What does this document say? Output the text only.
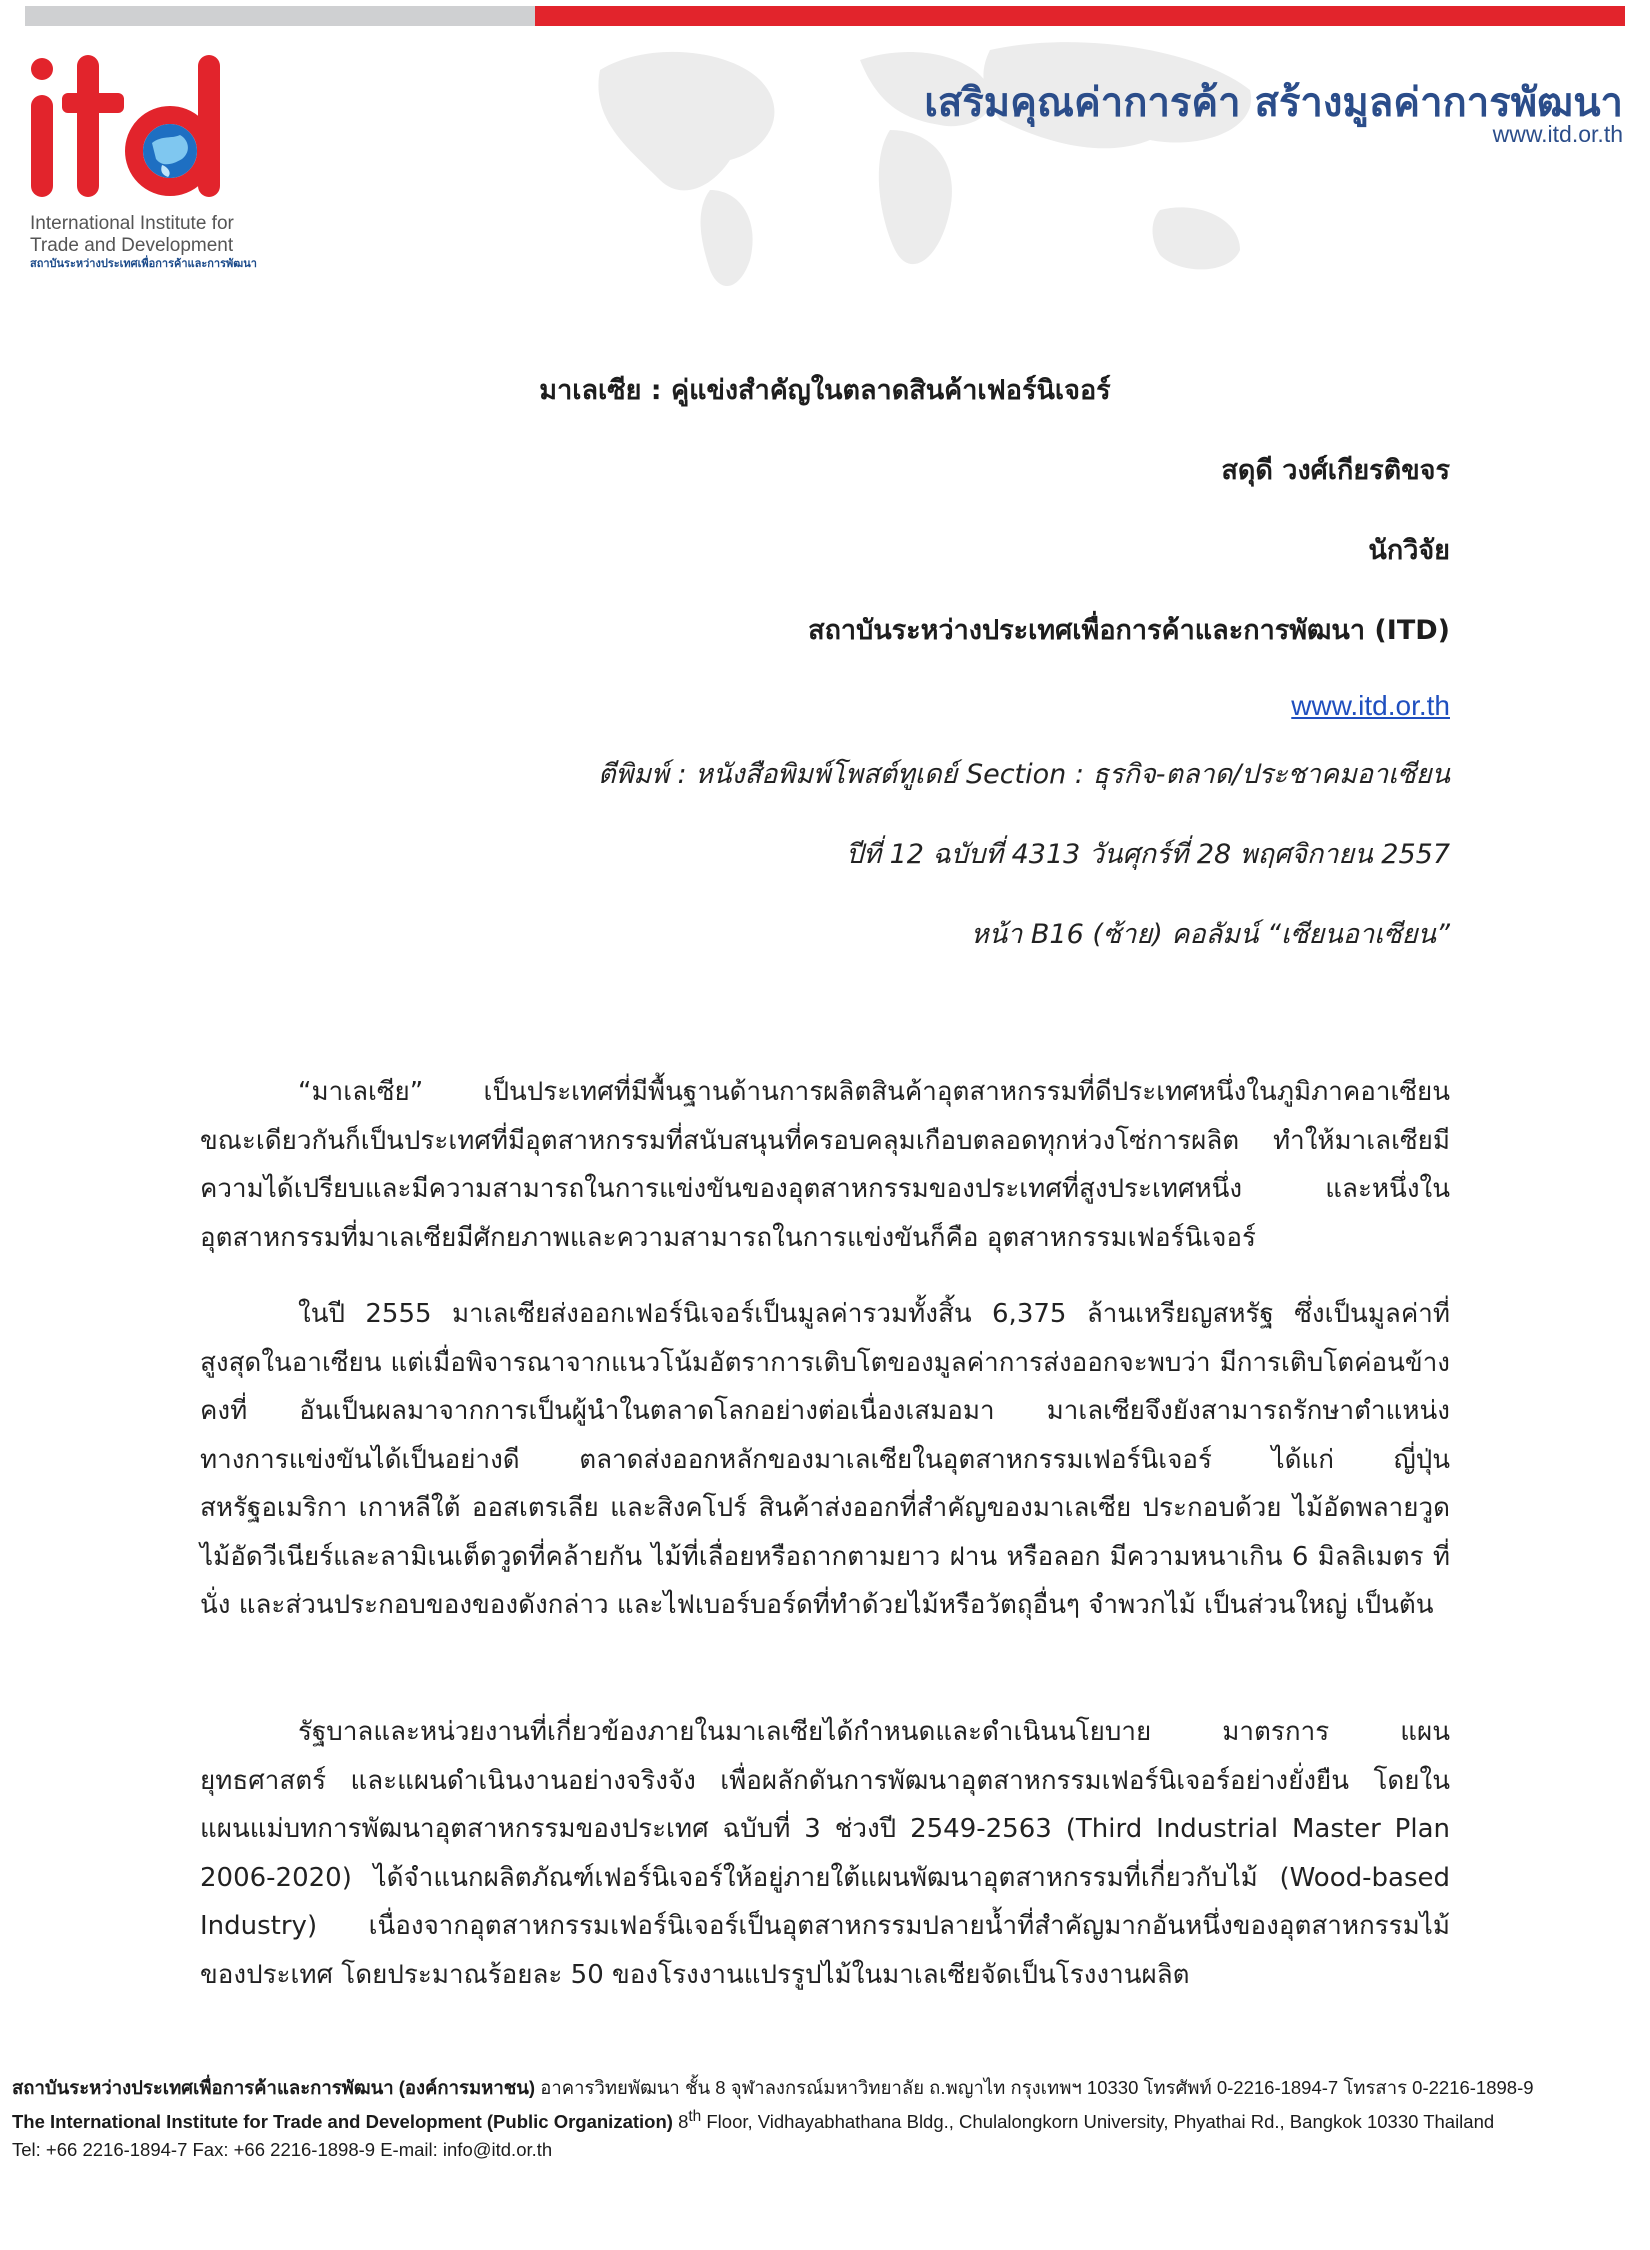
International Institute for
Trade and Development
สถาบันระหว่างประเทศเพื่อการค้าและการพัฒนา
เสริมคุณค่าการค้า สร้างมูลค่าการพัฒนา
www.itd.or.th
มาเลเซีย : คู่แข่งสำคัญในตลาดสินค้าเฟอร์นิเจอร์
สดุดี วงศ์เกียรติขจร
นักวิจัย
สถาบันระหว่างประเทศเพื่อการค้าและการพัฒนา (ITD)
www.itd.or.th
ตีพิมพ์ : หนังสือพิมพ์โพสต์ทูเดย์ Section : ธุรกิจ-ตลาด/ประชาคมอาเซียน
ปีที่ 12 ฉบับที่ 4313 วันศุกร์ที่ 28 พฤศจิกายน 2557
หน้า B16 (ซ้าย) คอลัมน์ “เซียนอาเซียน”

“มาเลเซีย” เป็นประเทศที่มีพื้นฐานด้านการผลิตสินค้าอุตสาหกรรมที่ดีประเทศหนึ่งในภูมิภาคอาเซียน ขณะเดียวกันก็เป็นประเทศที่มีอุตสาหกรรมที่สนับสนุนที่ครอบคลุมเกือบตลอดทุกห่วงโซ่การผลิต ทำให้มาเลเซียมีความได้เปรียบและมีความสามารถในการแข่งขันของอุตสาหกรรมของประเทศที่สูงประเทศหนึ่ง และหนึ่งในอุตสาหกรรมที่มาเลเซียมีศักยภาพและความสามารถในการแข่งขันก็คือ อุตสาหกรรมเฟอร์นิเจอร์

ในปี 2555 มาเลเซียส่งออกเฟอร์นิเจอร์เป็นมูลค่ารวมทั้งสิ้น 6,375 ล้านเหรียญสหรัฐ ซึ่งเป็นมูลค่าที่สูงสุดในอาเซียน แต่เมื่อพิจารณาจากแนวโน้มอัตราการเติบโตของมูลค่าการส่งออกจะพบว่า มีการเติบโตค่อนข้างคงที่ อันเป็นผลมาจากการเป็นผู้นำในตลาดโลกอย่างต่อเนื่องเสมอมา มาเลเซียจึงยังสามารถรักษาตำแหน่งทางการแข่งขันได้เป็นอย่างดี ตลาดส่งออกหลักของมาเลเซียในอุตสาหกรรมเฟอร์นิเจอร์ ได้แก่ ญี่ปุ่น สหรัฐอเมริกา เกาหลีใต้ ออสเตรเลีย และสิงคโปร์ สินค้าส่งออกที่สำคัญของมาเลเซีย ประกอบด้วย ไม้อัดพลายวูด ไม้อัดวีเนียร์และลามิเนเต็ดวูดที่คล้ายกัน ไม้ที่เลื่อยหรือถากตามยาว ฝาน หรือลอก มีความหนาเกิน 6 มิลลิเมตร ที่นั่ง และส่วนประกอบของของดังกล่าว และไฟเบอร์บอร์ดที่ทำด้วยไม้หรือวัตถุอื่นๆ จำพวกไม้ เป็นส่วนใหญ่ เป็นต้น

รัฐบาลและหน่วยงานที่เกี่ยวข้องภายในมาเลเซียได้กำหนดและดำเนินนโยบาย มาตรการ แผนยุทธศาสตร์ และแผนดำเนินงานอย่างจริงจัง เพื่อผลักดันการพัฒนาอุตสาหกรรมเฟอร์นิเจอร์อย่างยั่งยืน โดยในแผนแม่บทการพัฒนาอุตสาหกรรมของประเทศ ฉบับที่ 3 ช่วงปี 2549-2563 (Third Industrial Master Plan 2006-2020) ได้จำแนกผลิตภัณฑ์เฟอร์นิเจอร์ให้อยู่ภายใต้แผนพัฒนาอุตสาหกรรมที่เกี่ยวกับไม้ (Wood-based Industry) เนื่องจากอุตสาหกรรมเฟอร์นิเจอร์เป็นอุตสาหกรรมปลายน้ำที่สำคัญมากอันหนึ่งของอุตสาหกรรมไม้ของประเทศ โดยประมาณร้อยละ 50 ของโรงงานแปรรูปไม้ในมาเลเซียจัดเป็นโรงงานผลิต

สถาบันระหว่างประเทศเพื่อการค้าและการพัฒนา (องค์การมหาชน) อาคารวิทยพัฒนา ชั้น 8 จุฬาลงกรณ์มหาวิทยาลัย ถ.พญาไท กรุงเทพฯ 10330 โทรศัพท์ 0-2216-1894-7 โทรสาร 0-2216-1898-9
The International Institute for Trade and Development (Public Organization) 8th Floor, Vidhayabhathana Bldg., Chulalongkorn University, Phyathai Rd., Bangkok 10330 Thailand
Tel: +66 2216-1894-7 Fax: +66 2216-1898-9 E-mail: info@itd.or.th
